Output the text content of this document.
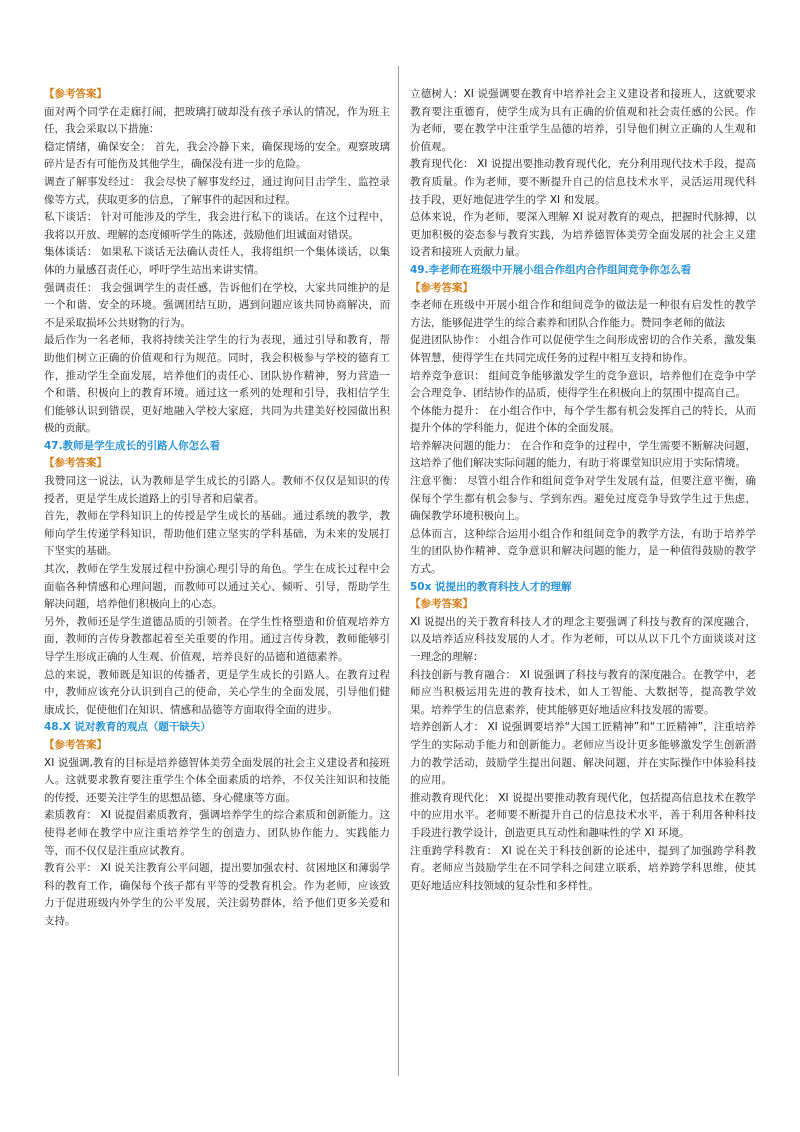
【参考答案】

面对两个同学在走廊打闹，把玻璃打破却没有孩子承认的情况，作为班主任，我会采取以下措施：

稳定情绪，确保安全： 首先，我会冷静下来，确保现场的安全。观察玻璃碎片是否有可能伤及其他学生，确保没有进一步的危险。

调查了解事发经过： 我会尽快了解事发经过，通过询问目击学生、监控录像等方式，获取更多的信息，了解事件的起因和过程。

私下谈话： 针对可能涉及的学生，我会进行私下的谈话。在这个过程中，我将以开放、理解的态度倾听学生的陈述，鼓励他们坦诚面对错误。

集体谈话： 如果私下谈话无法确认责任人，我将组织一个集体谈话，以集体的力量感召责任心，呼吁学生站出来讲实情。

强调责任： 我会强调学生的责任感，告诉他们在学校，大家共同维护的是一个和谐、安全的环境。强调团结互助，遇到问题应该共同协商解决，而不是采取损坏公共财物的行为。

最后作为一名老师，我将持续关注学生的行为表现，通过引导和教育，帮助他们树立正确的价值观和行为规范。同时，我会积极参与学校的德育工作，推动学生全面发展，培养他们的责任心、团队协作精神，努力营造一个和谐、积极向上的教育环境。通过这一系列的处理和引导，我相信学生们能够认识到错误，更好地融入学校大家庭，共同为共建美好校园做出积极的贡献。

47.教师是学生成长的引路人你怎么看

【参考答案】

我赞同这一说法，认为教师是学生成长的引路人。教师不仅仅是知识的传授者，更是学生成长道路上的引导者和启蒙者。

首先，教师在学科知识上的传授是学生成长的基础。通过系统的教学，教师向学生传递学科知识，帮助他们建立坚实的学科基础，为未来的发展打下坚实的基础。

其次，教师在学生发展过程中扮演心理引导的角色。学生在成长过程中会面临各种情感和心理问题，而教师可以通过关心、倾听、引导，帮助学生解决问题，培养他们积极向上的心态。

另外，教师还是学生道德品质的引领者。在学生性格塑造和价值观培养方面，教师的言传身教都起着至关重要的作用。通过言传身教，教师能够引导学生形成正确的人生观、价值观，培养良好的品德和道德素养。

总的来说，教师既是知识的传播者，更是学生成长的引路人。在教育过程中，教师应该充分认识到自己的使命，关心学生的全面发展，引导他们健康成长，促使他们在知识、情感和品德等方面取得全面的进步。

48.X 说对教育的观点（题干缺失）

【参考答案】

XI 说强调,教育的目标是培养德智体美劳全面发展的社会主义建设者和接班人。这就要求教育要注重学生个体全面素质的培养，不仅关注知识和技能的传授，还要关注学生的思想品德、身心健康等方面。

素质教育： XI 说提倡素质教育，强调培养学生的综合素质和创新能力。这使得老师在教学中应注重培养学生的创造力、团队协作能力、实践能力等，而不仅仅是注重应试教育。

教育公平： XI 说关注教育公平问题，提出要加强农村、贫困地区和薄弱学科的教育工作，确保每个孩子都有平等的受教育机会。作为老师，应该致力于促进班级内外学生的公平发展，关注弱势群体，给予他们更多关爱和支持。

立德树人：XI 说强调要在教育中培养社会主义建设者和接班人，这就要求教育要注重德育，使学生成为具有正确的价值观和社会责任感的公民。作为老师，要在教学中注重学生品德的培养，引导他们树立正确的人生观和价值观。

教育现代化： XI 说提出要推动教育现代化，充分利用现代技术手段，提高教育质量。作为老师，要不断提升自己的信息技术水平，灵活运用现代科技手段，更好地促进学生的学 XI 和发展。

总体来说，作为老师，要深入理解 XI 说对教育的观点，把握时代脉搏，以更加积极的姿态参与教育实践，为培养德智体美劳全面发展的社会主义建设者和接班人贡献力量。

49.李老师在班级中开展小组合作组内合作组间竞争你怎么看

【参考答案】

李老师在班级中开展小组合作和组间竞争的做法是一种很有启发性的教学方法，能够促进学生的综合素养和团队合作能力。赞同李老师的做法

促进团队协作： 小组合作可以促使学生之间形成密切的合作关系，激发集体智慧，使得学生在共同完成任务的过程中相互支持和协作。

培养竞争意识： 组间竞争能够激发学生的竞争意识，培养他们在竞争中学会合理竞争、团结协作的品质，使得学生在积极向上的氛围中提高自己。

个体能力提升： 在小组合作中，每个学生都有机会发挥自己的特长，从而提升个体的学科能力，促进个体的全面发展。

培养解决问题的能力： 在合作和竞争的过程中，学生需要不断解决问题，这培养了他们解决实际问题的能力，有助于将课堂知识应用于实际情境。

注意平衡： 尽管小组合作和组间竞争对学生发展有益，但要注意平衡，确保每个学生都有机会参与、学到东西。避免过度竞争导致学生过于焦虑，确保教学环境积极向上。

总体而言，这种综合运用小组合作和组间竞争的教学方法，有助于培养学生的团队协作精神、竞争意识和解决问题的能力，是一种值得鼓励的教学方式。

50x 说提出的教育科技人才的理解

【参考答案】

XI 说提出的关于教育科技人才的理念主要强调了科技与教育的深度融合，以及培养适应科技发展的人才。作为老师，可以从以下几个方面谈谈对这一理念的理解：

科技创新与教育融合： XI 说强调了科技与教育的深度融合。在教学中，老师应当积极运用先进的教育技术，如人工智能、大数据等，提高教学效果。培养学生的信息素养，使其能够更好地适应科技发展的需要。

培养创新人才： XI 说强调要培养“大国工匠精神”和“工匠精神”，注重培养学生的实际动手能力和创新能力。老师应当设计更多能够激发学生创新潜力的教学活动，鼓励学生提出问题、解决问题，并在实际操作中体验科技的应用。

推动教育现代化： XI 说提出要推动教育现代化，包括提高信息技术在教学中的应用水平。老师要不断提升自己的信息技术水平，善于利用各种科技手段进行教学设计，创造更具互动性和趣味性的学 XI 环境。

注重跨学科教育： XI 说在关于科技创新的论述中，提到了加强跨学科教育。老师应当鼓励学生在不同学科之间建立联系，培养跨学科思维，使其更好地适应科技领域的复杂性和多样性。
